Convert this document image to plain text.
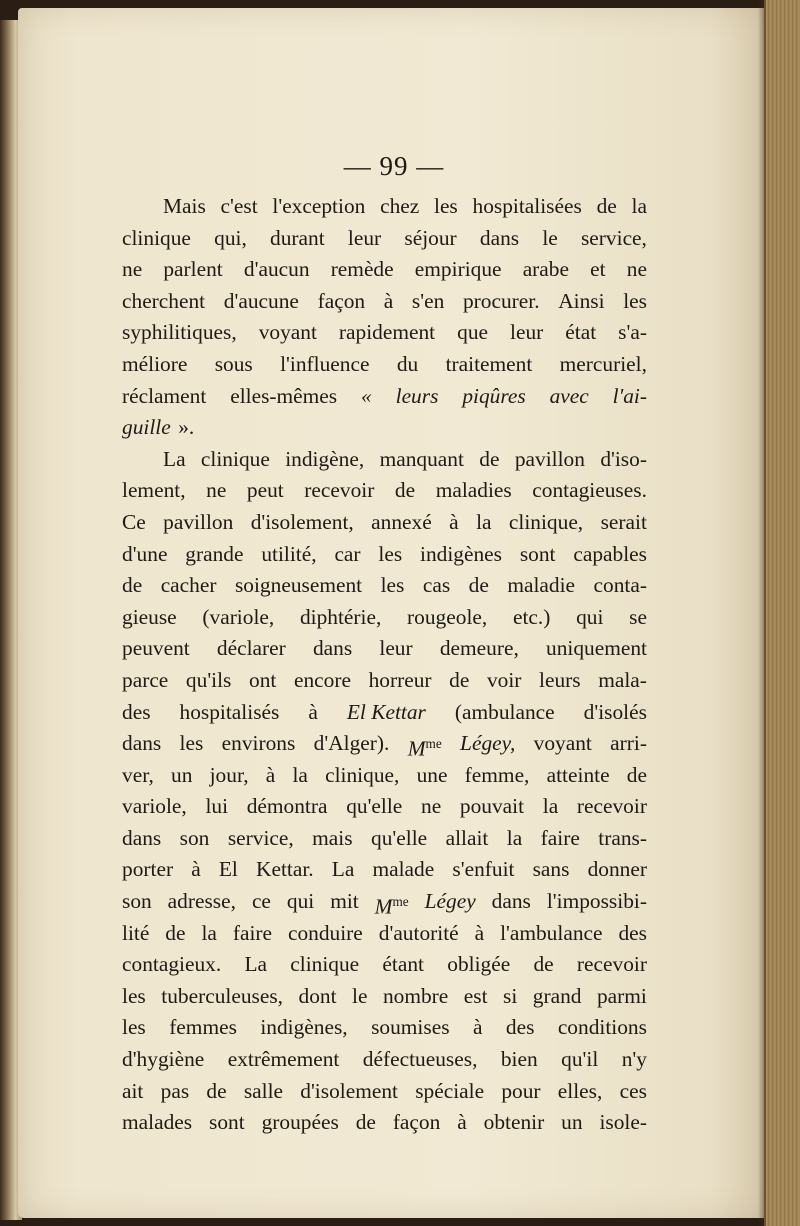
— 99 —
Mais c'est l'exception chez les hospitalisées de la
clinique qui, durant leur séjour dans le service,
ne parlent d'aucun remède empirique arabe et ne
cherchent d'aucune façon à s'en procurer. Ainsi les
syphilitiques, voyant rapidement que leur état s'a-
méliore sous l'influence du traitement mercuriel,
réclament elles-mêmes « leurs piqûres avec l'ai-
guille ».
La clinique indigène, manquant de pavillon d'iso-
lement, ne peut recevoir de maladies contagieuses.
Ce pavillon d'isolement, annexé à la clinique, serait
d'une grande utilité, car les indigènes sont capables
de cacher soigneusement les cas de maladie conta-
gieuse (variole, diphtérie, rougeole, etc.) qui se
peuvent déclarer dans leur demeure, uniquement
parce qu'ils ont encore horreur de voir leurs mala-
des hospitalisés à El Kettar (ambulance d'isolés
dans les environs d'Alger). $M^{me}$ Légey, voyant arri-
ver, un jour, à la clinique, une femme, atteinte de
variole, lui démontra qu'elle ne pouvait la recevoir
dans son service, mais qu'elle allait la faire trans-
porter à El Kettar. La malade s'enfuit sans donner
son adresse, ce qui mit $M^{me}$ Légey dans l'impossibi-
lité de la faire conduire d'autorité à l'ambulance des
contagieux. La clinique étant obligée de recevoir
les tuberculeuses, dont le nombre est si grand parmi
les femmes indigènes, soumises à des conditions
d'hygiène extrêmement défectueuses, bien qu'il n'y
ait pas de salle d'isolement spéciale pour elles, ces
malades sont groupées de façon à obtenir un isole-
